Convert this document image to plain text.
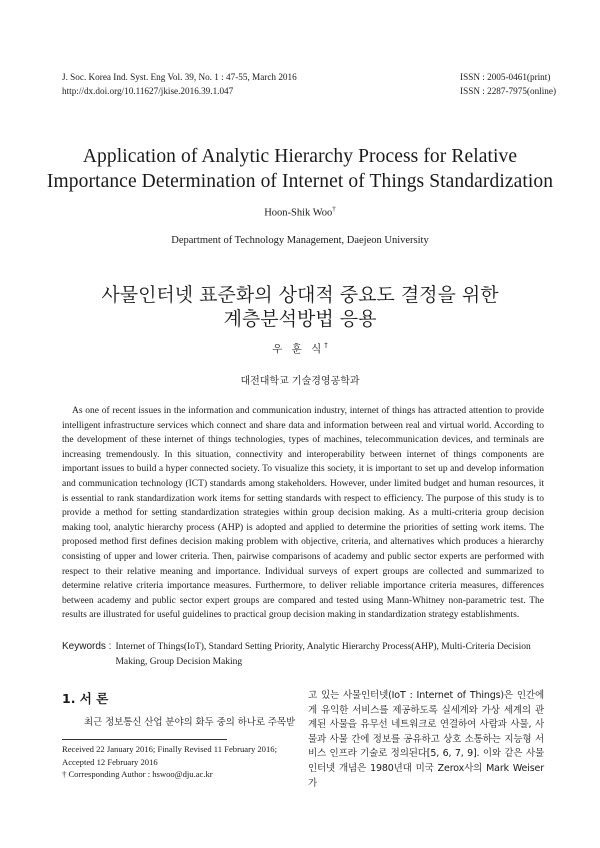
J. Soc. Korea Ind. Syst. Eng Vol. 39, No. 1 : 47-55, March 2016
http://dx.doi.org/10.11627/jkise.2016.39.1.047
ISSN : 2005-0461(print)
ISSN : 2287-7975(online)
Application of Analytic Hierarchy Process for Relative
Importance Determination of Internet of Things Standardization
Hoon-Shik Woo†
Department of Technology Management, Daejeon University
사물인터넷 표준화의 상대적 중요도 결정을 위한
계층분석방법 응용
우 훈 식†
대전대학교 기술경영공학과
As one of recent issues in the information and communication industry, internet of things has attracted attention to provide intelligent infrastructure services which connect and share data and information between real and virtual world. According to the development of these internet of things technologies, types of machines, telecommunication devices, and terminals are increasing tremendously. In this situation, connectivity and interoperability between internet of things components are important issues to build a hyper connected society. To visualize this society, it is important to set up and develop information and communication technology (ICT) standards among stakeholders. However, under limited budget and human resources, it is essential to rank standardization work items for setting standards with respect to efficiency. The purpose of this study is to provide a method for setting standardization strategies within group decision making. As a multi-criteria group decision making tool, analytic hierarchy process (AHP) is adopted and applied to determine the priorities of setting work items. The proposed method first defines decision making problem with objective, criteria, and alternatives which produces a hierarchy consisting of upper and lower criteria. Then, pairwise comparisons of academy and public sector experts are performed with respect to their relative meaning and importance. Individual surveys of expert groups are collected and summarized to determine relative criteria importance measures. Furthermore, to deliver reliable importance criteria measures, differences between academy and public sector expert groups are compared and tested using Mann-Whitney non-parametric test. The results are illustrated for useful guidelines to practical group decision making in standardization strategy establishments.
Keywords : Internet of Things(IoT), Standard Setting Priority, Analytic Hierarchy Process(AHP), Multi-Criteria Decision Making, Group Decision Making
1. 서 론
최근 정보통신 산업 분야의 화두 중의 하나로 주목받
Received 22 January 2016; Finally Revised 11 February 2016;
Accepted 12 February 2016
† Corresponding Author : hswoo@dju.ac.kr
고 있는 사물인터넷(IoT : Internet of Things)은 인간에게 유익한 서비스를 제공하도록 실세계와 가상 세계의 관계된 사물을 유무선 네트워크로 연결하여 사람과 사물, 사물과 사물 간에 정보를 공유하고 상호 소통하는 지능형 서비스 인프라 기술로 정의된다[5, 6, 7, 9]. 이와 같은 사물인터넷 개념은 1980년대 미국 Zerox사의 Mark Weiser가
